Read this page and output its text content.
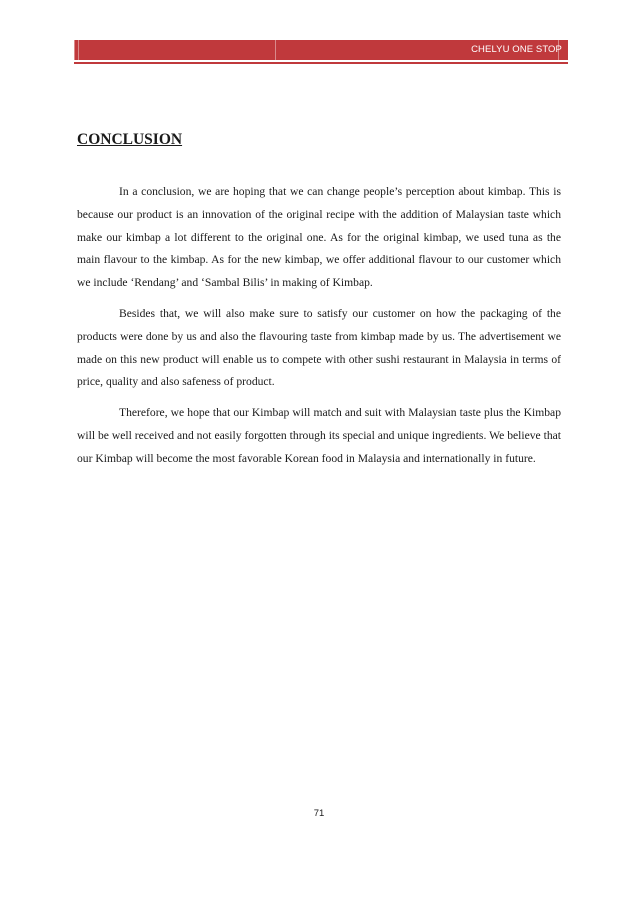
CHELYU ONE STOP
CONCLUSION

In a conclusion, we are hoping that we can change people’s perception about kimbap. This is because our product is an innovation of the original recipe with the addition of Malaysian taste which make our kimbap a lot different to the original one. As for the original kimbap, we used tuna as the main flavour to the kimbap. As for the new kimbap, we offer additional flavour to our customer which we include ‘Rendang’ and ‘Sambal Bilis’ in making of Kimbap.

Besides that, we will also make sure to satisfy our customer on how the packaging of the products were done by us and also the flavouring taste from kimbap made by us. The advertisement we made on this new product will enable us to compete with other sushi restaurant in Malaysia in terms of price, quality and also safeness of product.

Therefore, we hope that our Kimbap will match and suit with Malaysian taste plus the Kimbap will be well received and not easily forgotten through its special and unique ingredients. We believe that our Kimbap will become the most favorable Korean food in Malaysia and internationally in future.

71
